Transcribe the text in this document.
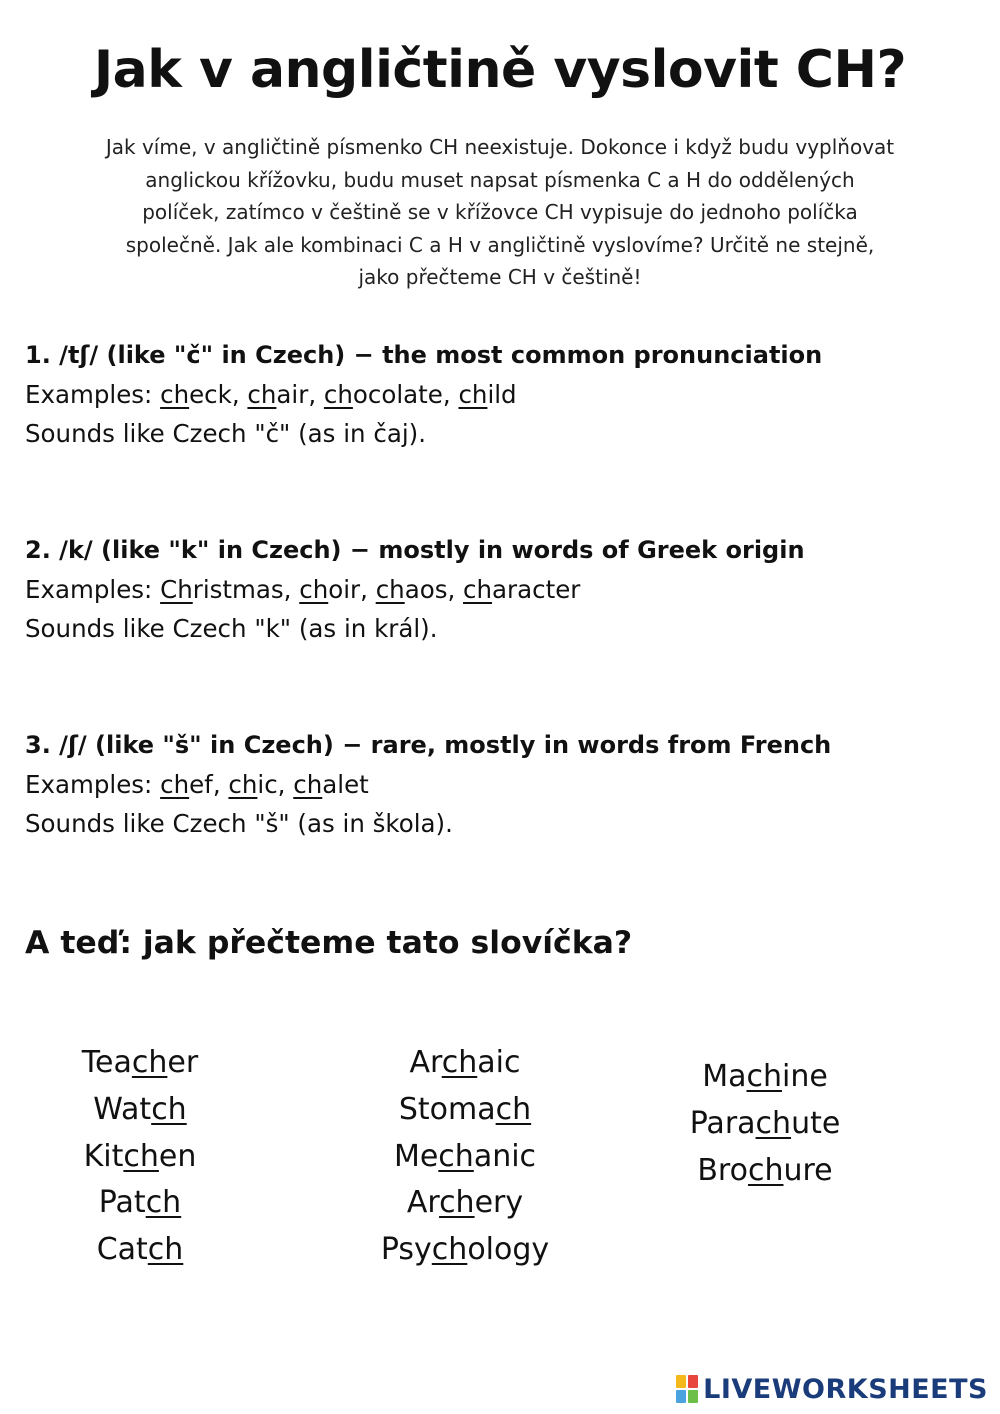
Jak v angličtině vyslovit CH?

Jak víme, v angličtině písmenko CH neexistuje. Dokonce i když budu vyplňovat
anglickou křížovku, budu muset napsat písmenka C a H do oddělených
políček, zatímco v češtině se v křížovce CH vypisuje do jednoho políčka
společně. Jak ale kombinaci C a H v angličtině vyslovíme? Určitě ne stejně,
jako přečteme CH v češtině!

1. /tʃ/ (like "č" in Czech) − the most common pronunciation
Examples: check, chair, chocolate, child
Sounds like Czech "č" (as in čaj).
2. /k/ (like "k" in Czech) − mostly in words of Greek origin
Examples: Christmas, choir, chaos, character
Sounds like Czech "k" (as in král).
3. /ʃ/ (like "š" in Czech) − rare, mostly in words from French
Examples: chef, chic, chalet
Sounds like Czech "š" (as in škola).
A teď: jak přečteme tato slovíčka?
Teacher
Watch
Kitchen
Patch
Catch
Archaic
Stomach
Mechanic
Archery
Psychology
Machine
Parachute
Brochure
LIVEWORKSHEETS
